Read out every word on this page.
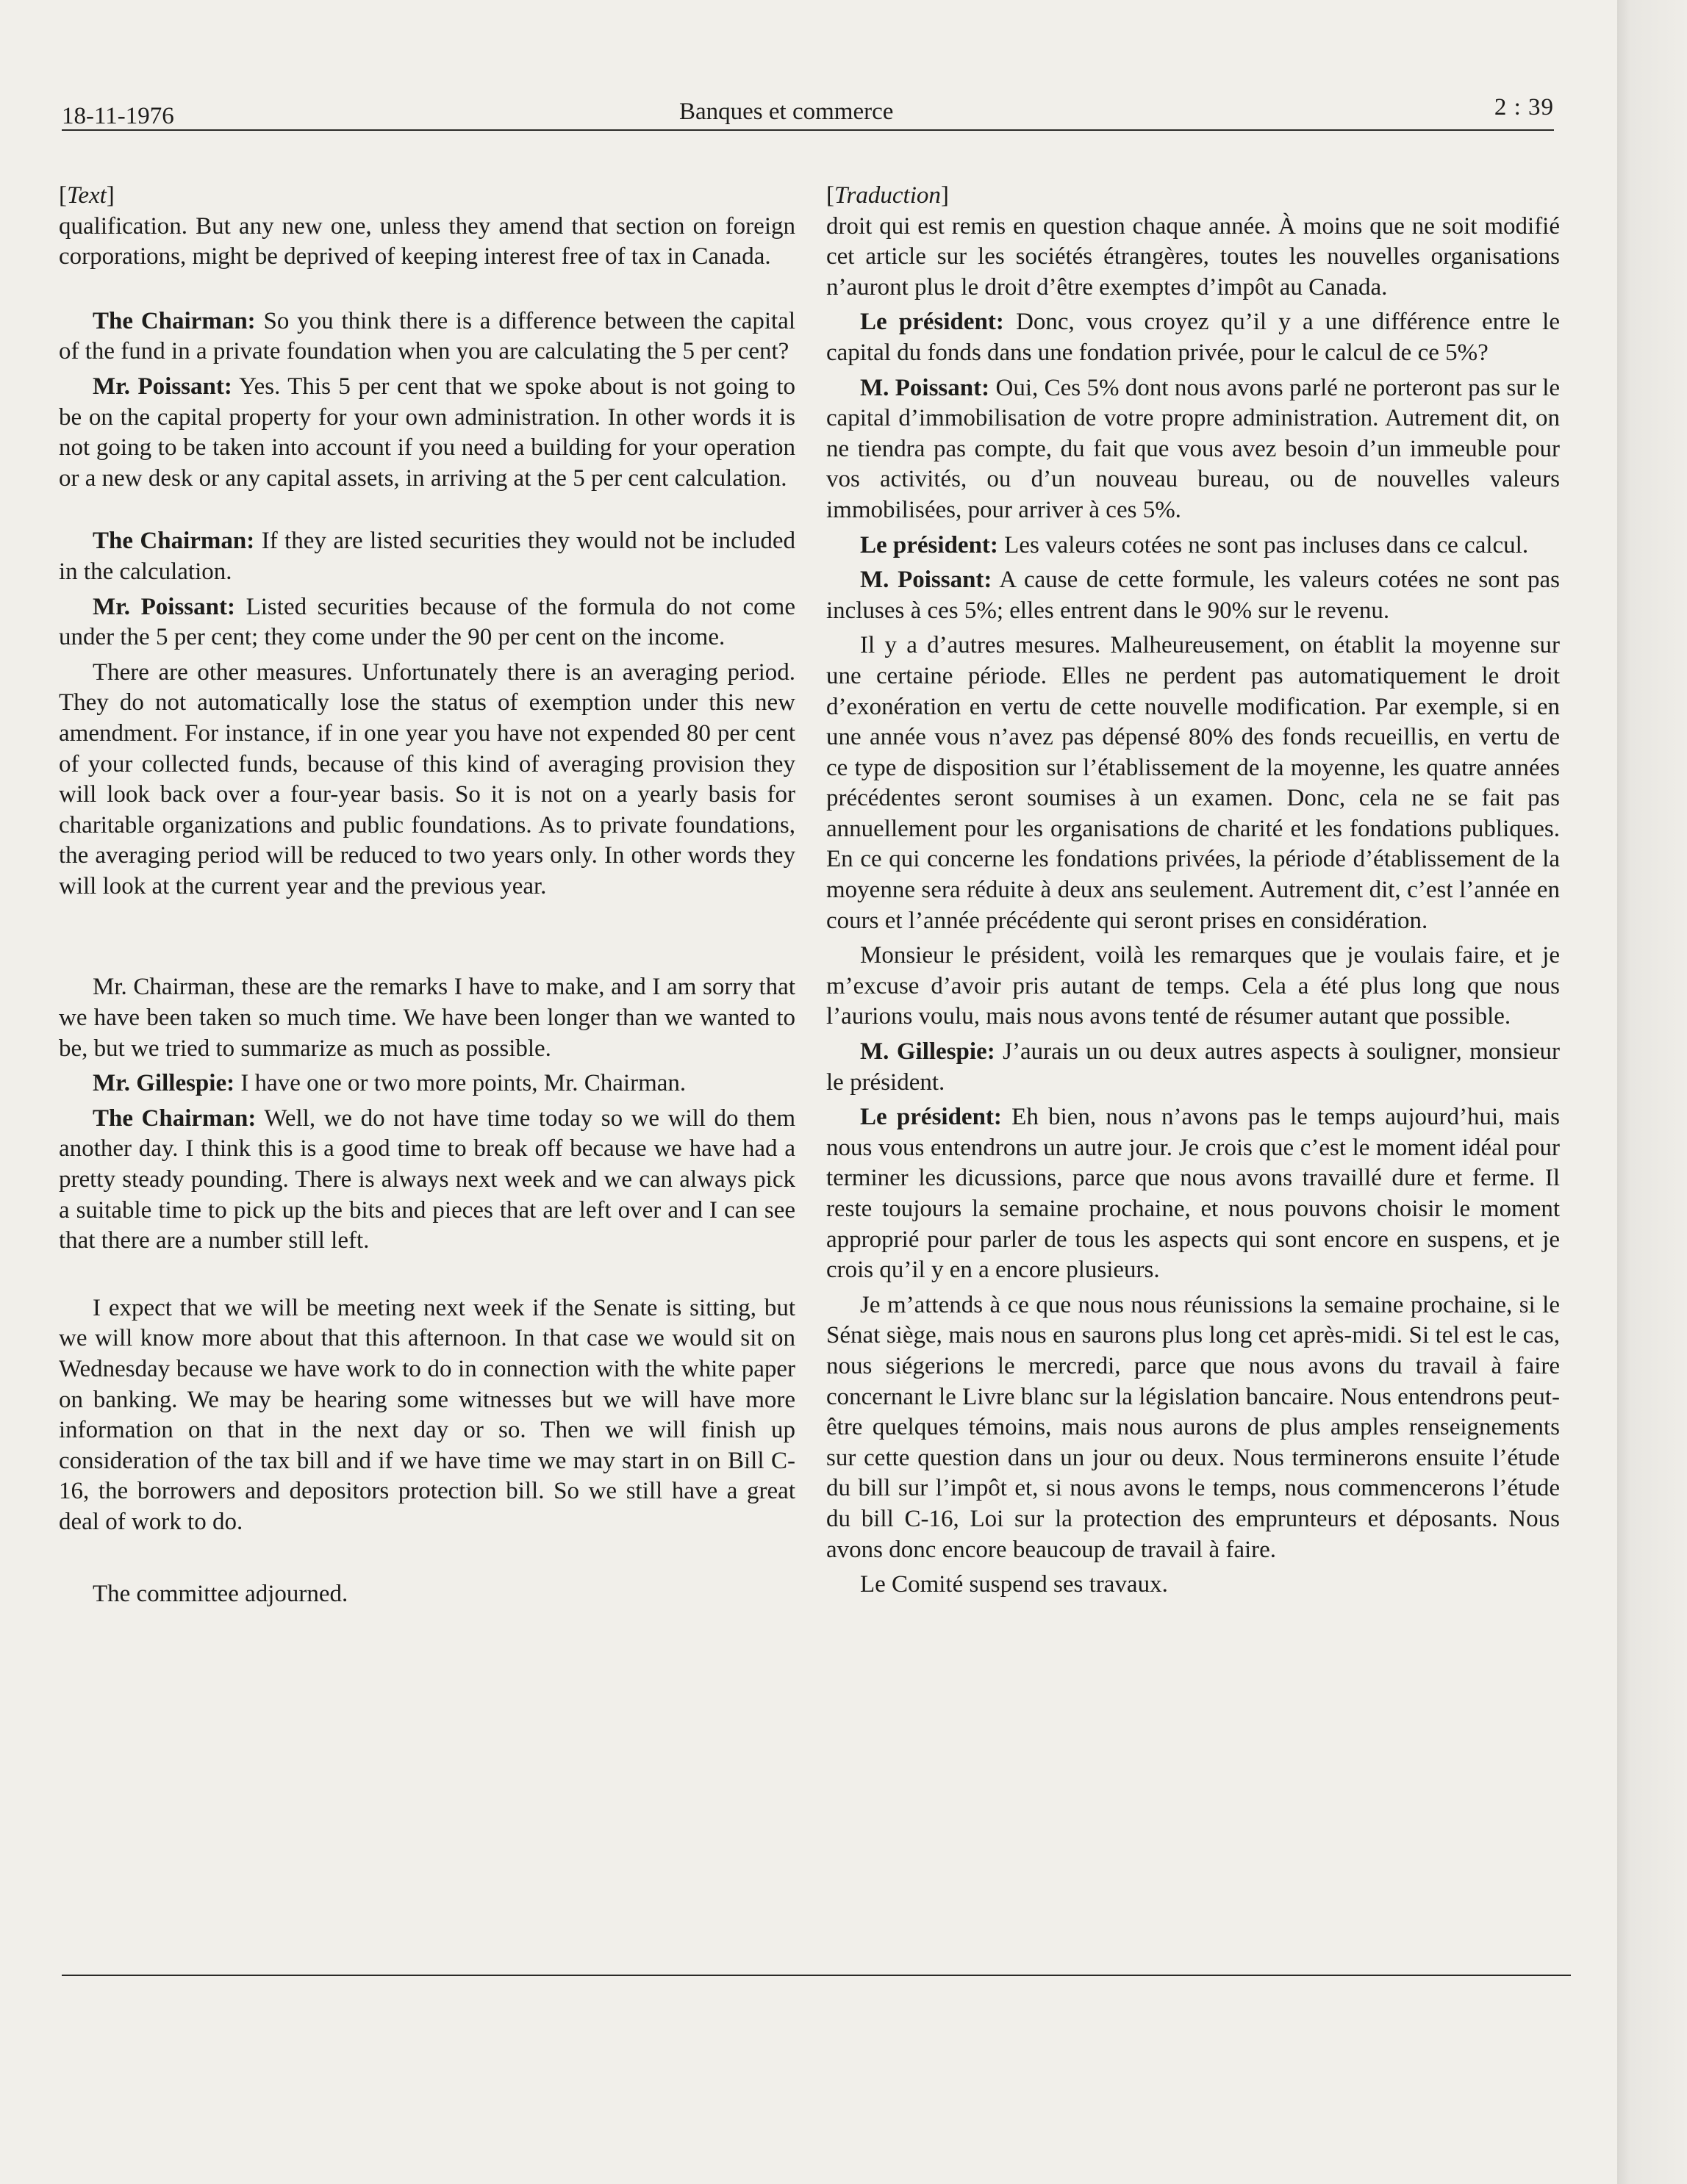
18-11-1976	Banques et commerce	2 : 39

[Text]

qualification. But any new one, unless they amend that section on foreign corporations, might be deprived of keeping interest free of tax in Canada.

The Chairman: So you think there is a difference between the capital of the fund in a private foundation when you are calculating the 5 per cent?

Mr. Poissant: Yes. This 5 per cent that we spoke about is not going to be on the capital property for your own administration. In other words it is not going to be taken into account if you need a building for your operation or a new desk or any capital assets, in arriving at the 5 per cent calculation.

The Chairman: If they are listed securities they would not be included in the calculation.

Mr. Poissant: Listed securities because of the formula do not come under the 5 per cent; they come under the 90 per cent on the income.

There are other measures. Unfortunately there is an averaging period. They do not automatically lose the status of exemption under this new amendment. For instance, if in one year you have not expended 80 per cent of your collected funds, because of this kind of averaging provision they will look back over a four-year basis. So it is not on a yearly basis for charitable organizations and public foundations. As to private foundations, the averaging period will be reduced to two years only. In other words they will look at the current year and the previous year.

Mr. Chairman, these are the remarks I have to make, and I am sorry that we have been taken so much time. We have been longer than we wanted to be, but we tried to summarize as much as possible.

Mr. Gillespie: I have one or two more points, Mr. Chairman.

The Chairman: Well, we do not have time today so we will do them another day. I think this is a good time to break off because we have had a pretty steady pounding. There is always next week and we can always pick a suitable time to pick up the bits and pieces that are left over and I can see that there are a number still left.

I expect that we will be meeting next week if the Senate is sitting, but we will know more about that this afternoon. In that case we would sit on Wednesday because we have work to do in connection with the white paper on banking. We may be hearing some witnesses but we will have more information on that in the next day or so. Then we will finish up consideration of the tax bill and if we have time we may start in on Bill C-16, the borrowers and depositors protection bill. So we still have a great deal of work to do.

The committee adjourned.

[Traduction]

droit qui est remis en question chaque année. À moins que ne soit modifié cet article sur les sociétés étrangères, toutes les nouvelles organisations n’auront plus le droit d’être exemptes d’impôt au Canada.

Le président: Donc, vous croyez qu’il y a une différence entre le capital du fonds dans une fondation privée, pour le calcul de ce 5%?

M. Poissant: Oui, Ces 5% dont nous avons parlé ne porteront pas sur le capital d’immobilisation de votre propre administration. Autrement dit, on ne tiendra pas compte, du fait que vous avez besoin d’un immeuble pour vos activités, ou d’un nouveau bureau, ou de nouvelles valeurs immobilisées, pour arriver à ces 5%.

Le président: Les valeurs cotées ne sont pas incluses dans ce calcul.

M. Poissant: A cause de cette formule, les valeurs cotées ne sont pas incluses à ces 5%; elles entrent dans le 90% sur le revenu.

Il y a d’autres mesures. Malheureusement, on établit la moyenne sur une certaine période. Elles ne perdent pas automatiquement le droit d’exonération en vertu de cette nouvelle modification. Par exemple, si en une année vous n’avez pas dépensé 80% des fonds recueillis, en vertu de ce type de disposition sur l’établissement de la moyenne, les quatre années précédentes seront soumises à un examen. Donc, cela ne se fait pas annuellement pour les organisations de charité et les fondations publiques. En ce qui concerne les fondations privées, la période d’établissement de la moyenne sera réduite à deux ans seulement. Autrement dit, c’est l’année en cours et l’année précédente qui seront prises en considération.

Monsieur le président, voilà les remarques que je voulais faire, et je m’excuse d’avoir pris autant de temps. Cela a été plus long que nous l’aurions voulu, mais nous avons tenté de résumer autant que possible.

M. Gillespie: J’aurais un ou deux autres aspects à souligner, monsieur le président.

Le président: Eh bien, nous n’avons pas le temps aujourd’hui, mais nous vous entendrons un autre jour. Je crois que c’est le moment idéal pour terminer les dicussions, parce que nous avons travaillé dure et ferme. Il reste toujours la semaine prochaine, et nous pouvons choisir le moment approprié pour parler de tous les aspects qui sont encore en suspens, et je crois qu’il y en a encore plusieurs.

Je m’attends à ce que nous nous réunissions la semaine prochaine, si le Sénat siège, mais nous en saurons plus long cet après-midi. Si tel est le cas, nous siégerions le mercredi, parce que nous avons du travail à faire concernant le Livre blanc sur la législation bancaire. Nous entendrons peut-être quelques témoins, mais nous aurons de plus amples renseignements sur cette question dans un jour ou deux. Nous terminerons ensuite l’étude du bill sur l’impôt et, si nous avons le temps, nous commencerons l’étude du bill C-16, Loi sur la protection des emprunteurs et déposants. Nous avons donc encore beaucoup de travail à faire.

Le Comité suspend ses travaux.
